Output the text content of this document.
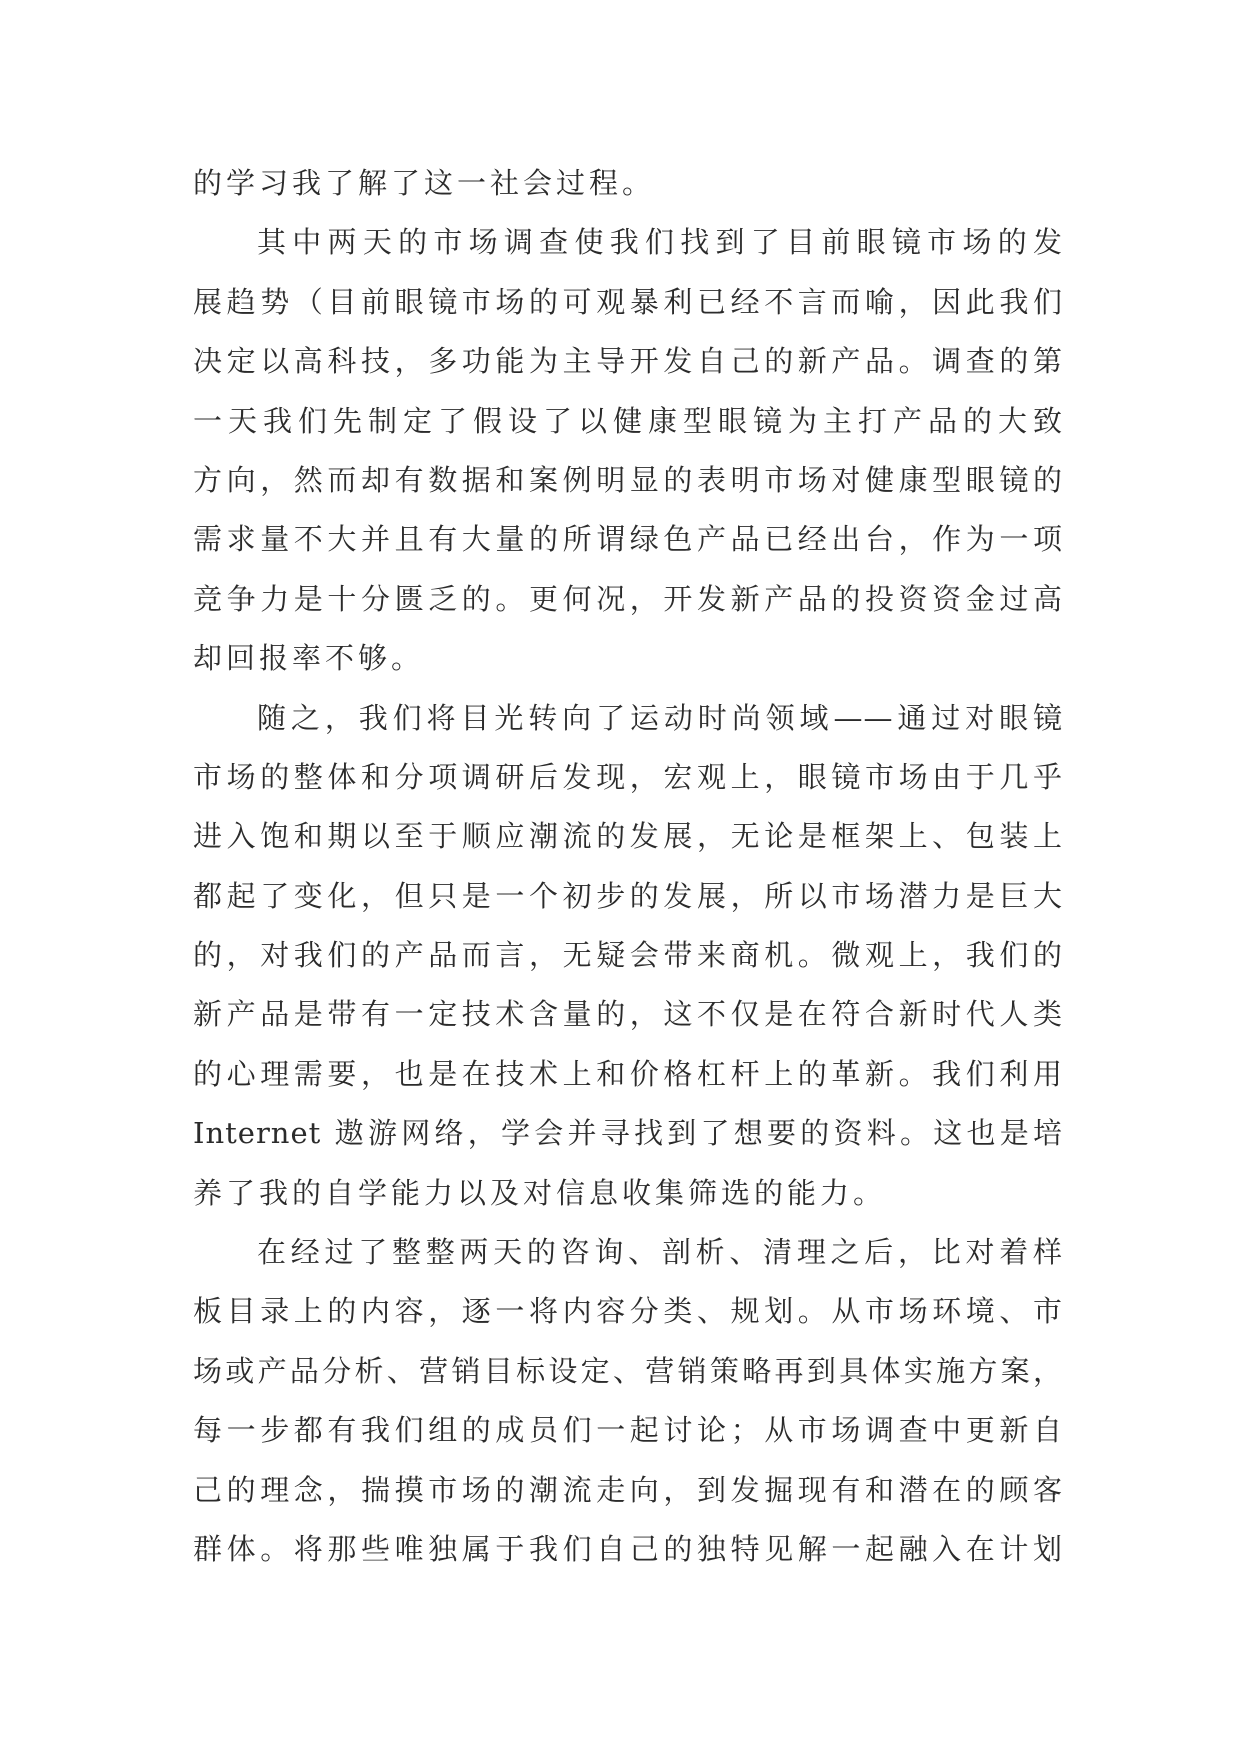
的学习我了解了这一社会过程。
其中两天的市场调查使我们找到了目前眼镜市场的发
展趋势（目前眼镜市场的可观暴利已经不言而喻，因此我们
决定以高科技，多功能为主导开发自己的新产品。调查的第
一天我们先制定了假设了以健康型眼镜为主打产品的大致
方向，然而却有数据和案例明显的表明市场对健康型眼镜的
需求量不大并且有大量的所谓绿色产品已经出台，作为一项
竞争力是十分匮乏的。更何况，开发新产品的投资资金过高
却回报率不够。
随之，我们将目光转向了运动时尚领域——通过对眼镜
市场的整体和分项调研后发现，宏观上，眼镜市场由于几乎
进入饱和期以至于顺应潮流的发展，无论是框架上、包装上
都起了变化，但只是一个初步的发展，所以市场潜力是巨大
的，对我们的产品而言，无疑会带来商机。微观上，我们的
新产品是带有一定技术含量的，这不仅是在符合新时代人类
的心理需要，也是在技术上和价格杠杆上的革新。我们利用
Internet 遨游网络，学会并寻找到了想要的资料。这也是培
养了我的自学能力以及对信息收集筛选的能力。
在经过了整整两天的咨询、剖析、清理之后，比对着样
板目录上的内容，逐一将内容分类、规划。从市场环境、市
场或产品分析、营销目标设定、营销策略再到具体实施方案，
每一步都有我们组的成员们一起讨论；从市场调查中更新自
己的理念，揣摸市场的潮流走向，到发掘现有和潜在的顾客
群体。将那些唯独属于我们自己的独特见解一起融入在计划
